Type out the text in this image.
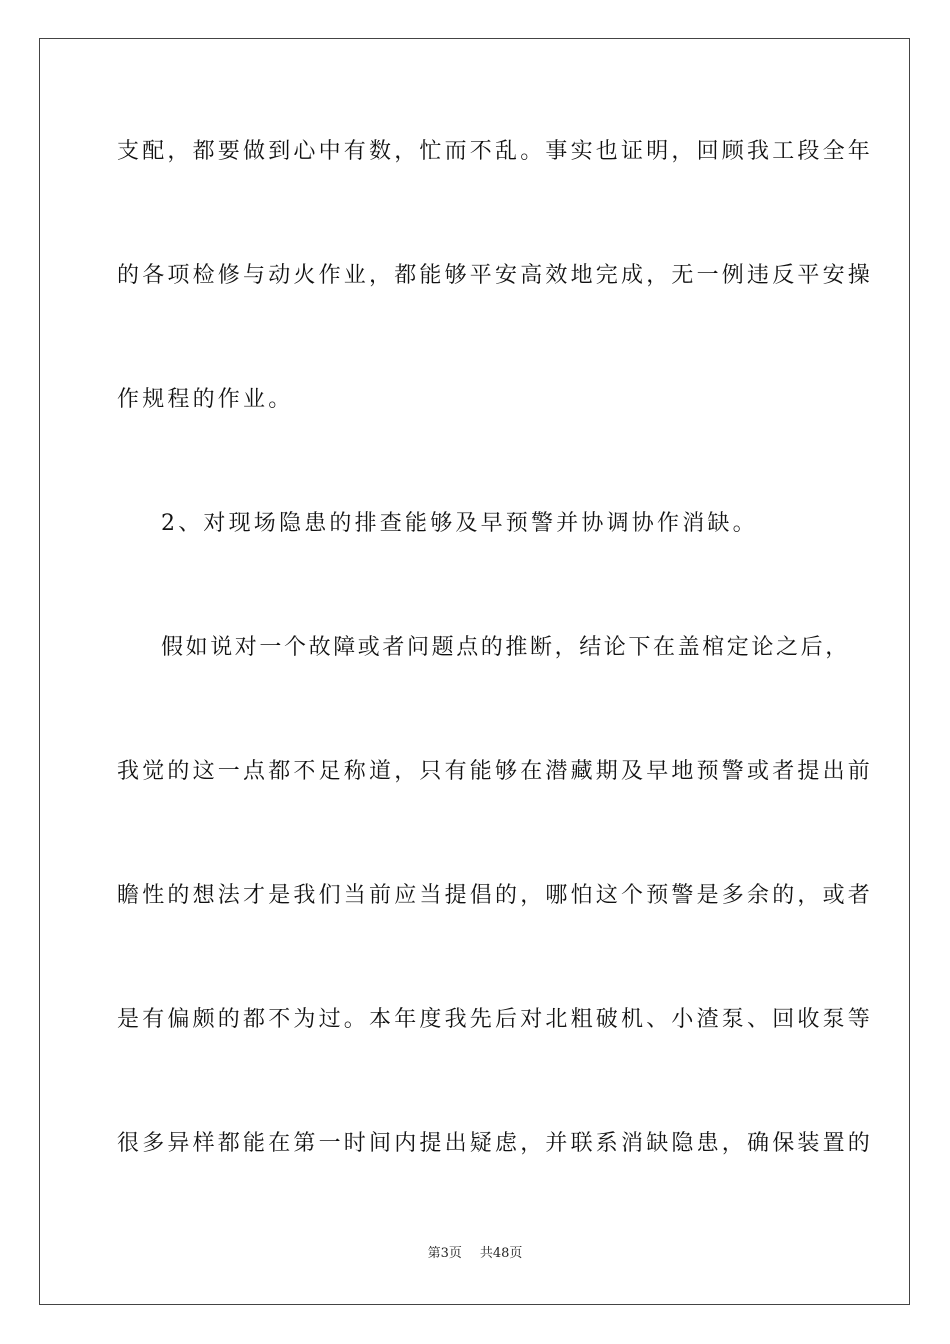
支配，都要做到心中有数，忙而不乱。事实也证明，回顾我工段全年
的各项检修与动火作业，都能够平安高效地完成，无一例违反平安操
作规程的作业。
2、对现场隐患的排查能够及早预警并协调协作消缺。
假如说对一个故障或者问题点的推断，结论下在盖棺定论之后，
我觉的这一点都不足称道，只有能够在潜藏期及早地预警或者提出前
瞻性的想法才是我们当前应当提倡的，哪怕这个预警是多余的，或者
是有偏颇的都不为过。本年度我先后对北粗破机、小渣泵、回收泵等
很多异样都能在第一时间内提出疑虑，并联系消缺隐患，确保装置的
第3页 共48页
